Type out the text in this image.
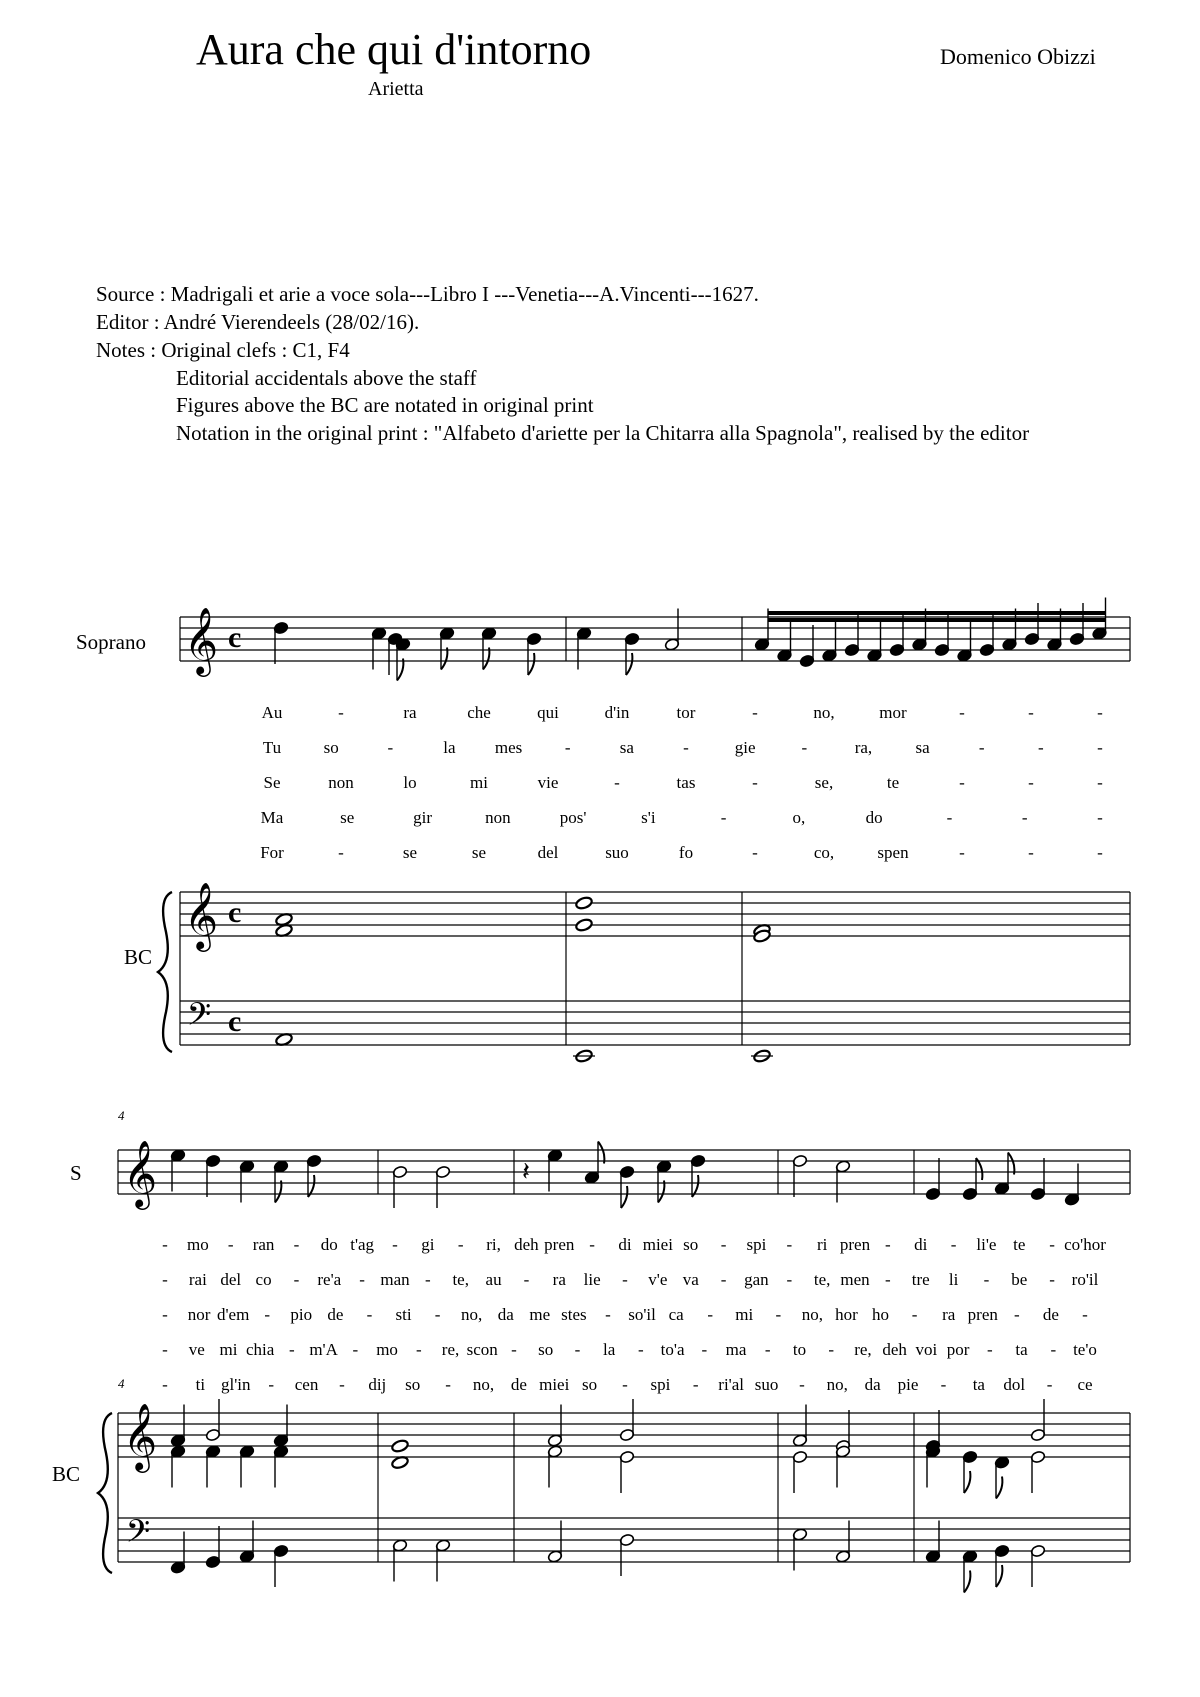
Aura che qui d'intorno
Arietta
Domenico Obizzi
Source : Madrigali et arie a voce sola---Libro I ---Venetia---A.Vincenti---1627.
Editor : André Vierendeels (28/02/16).
Notes : Original clefs : C1, F4
Editorial accidentals above the staff
Figures above the BC are notated in original print
Notation in the original print : "Alfabeto d'ariette per la Chitarra alla Spagnola", realised by the editor
Soprano
BC
4
4
S
BC
𝄞
𝄞
𝄢
c
c
c
𝄞
𝄞
𝄢
𝄽
Au	-	ra	che	qui	d'in	tor	-	no,	mor	-	-	-
Tu so	-	la mes	-	sa	-	gie	-	ra,	sa	-	-	-
Se	non	lo	mi	vie	-	tas	-	se,	te	-	-	-
Ma	se	gir	non	pos'	s'i	-	o,	do	-	-	-
For	-	se	se	del	suo	fo	-	co,	spen	-	-	-
- mo - ran - do t'ag - gi - ri, deh pren - di miei so - spi - ri pren - di - li'e te - co'hor
- rai del co - re'a - man - te, au - ra lie - v'e va - gan - te, men - tre li - be - ro'il
- nor d'em - pio de - sti - no, da me stes - so'il ca - mi - no, hor ho - ra pren - de -
- ve mi chia - m'A - mo - re, scon - so - la - to'a - ma - to - re, deh voi por - ta - te'o
- ti gl'in - cen - dij so - no, de miei so - spi - ri'al suo - no, da pie - ta dol - ce
